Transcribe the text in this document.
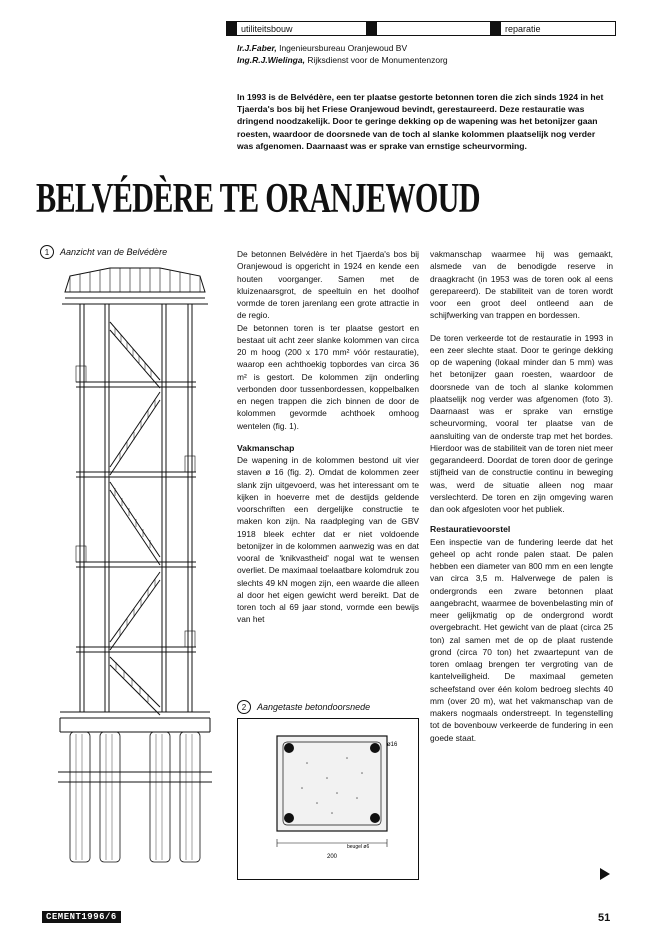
utiliteitsbouw	reparatie
Ir.J.Faber, Ingenieursbureau Oranjewoud BV
Ing.R.J.Wielinga, Rijksdienst voor de Monumentenzorg
In 1993 is de Belvédère, een ter plaatse gestorte betonnen toren die zich sinds 1924 in het Tjaerda's bos bij het Friese Oranjewoud bevindt, gerestaureerd. Deze restauratie was dringend noodzakelijk. Door te geringe dekking op de wapening was het betonijzer gaan roesten, waardoor de doorsnede van de toch al slanke kolommen plaatselijk nog verder was afgenomen. Daarnaast was er sprake van ernstige scheurvorming.
BELVÉDÈRE TE ORANJEWOUD
1	Aanzicht van de Belvédère	De betonnen Belvédère in het Tjaerda's bos bij Oranjewoud is opgericht in 1924 en kende een houten voorganger. Samen met de kluizenaarsgrot, de speeltuin en het doolhof vormde de toren jarenlang een grote attractie in de regio.

De betonnen toren is ter plaatse gestort en bestaat uit acht zeer slanke kolommen van circa 20 m hoog (200 x 170 mm² vóór restauratie), waarop een achthoekig topbordes van circa 36 m² is gestort. De kolommen zijn onderling verbonden door tussenbordessen, koppelbalken en negen trappen die zich binnen de door de kolommen gevormde achthoek omhoog wentelen (fig. 1).

Vakmanschap

De wapening in de kolommen bestond uit vier staven ø 16 (fig. 2). Omdat de kolommen zeer slank zijn uitgevoerd, was het interessant om te kijken in hoeverre met de destijds geldende voorschriften een dergelijke constructie te maken kon zijn. Na raadpleging van de GBV 1918 bleek echter dat er niet voldoende betonijzer in de kolommen aanwezig was en dat vooral de 'knikvastheid' nogal wat te wensen overliet. De maximaal toelaatbare kolomdruk zou slechts 49 kN mogen zijn, een waarde die alleen al door het eigen gewicht werd bereikt. Dat de toren toch al 69 jaar stond, vormde een bewijs van het

2	Aangetaste betondoorsnede
200
ø16
beugel ø6

vakmanschap waarmee hij was gemaakt, alsmede van de benodigde reserve in draagkracht (in 1953 was de toren ook al eens gerepareerd). De stabiliteit van de toren wordt voor een groot deel ontleend aan de schijfwerking van trappen en bordessen.

De toren verkeerde tot de restauratie in 1993 in een zeer slechte staat. Door te geringe dekking op de wapening (lokaal minder dan 5 mm) was het betonijzer gaan roesten, waardoor de doorsnede van de toch al slanke kolommen plaatselijk nog verder was afgenomen (foto 3). Daarnaast was er sprake van ernstige scheurvorming, vooral ter plaatse van de aansluiting van de onderste trap met het bordes. Hierdoor was de stabiliteit van de toren niet meer gegarandeerd. Doordat de toren door de geringe stijfheid van de constructie continu in beweging was, werd de situatie alleen nog maar verslechterd. De toren en zijn omgeving waren dan ook afgesloten voor het publiek.

Restauratievoorstel

Een inspectie van de fundering leerde dat het geheel op acht ronde palen staat. De palen hebben een diameter van 800 mm en een lengte van circa 3,5 m. Halverwege de palen is ondergronds een zware betonnen plaat aangebracht, waarmee de bovenbelasting min of meer gelijkmatig op de ondergrond wordt overgebracht. Het gewicht van de plaat (circa 25 ton) zal samen met de op de plaat rustende grond (circa 70 ton) het zwaartepunt van de toren omlaag brengen ter vergroting van de kantelveiligheid. De maximaal gemeten scheefstand over één kolom bedroeg slechts 40 mm (over 20 m), wat het vakmanschap van de makers nogmaals onderstreept. In tegenstelling tot de bovenbouw verkeerde de fundering in een goede staat.

CEMENT1996/6	51
